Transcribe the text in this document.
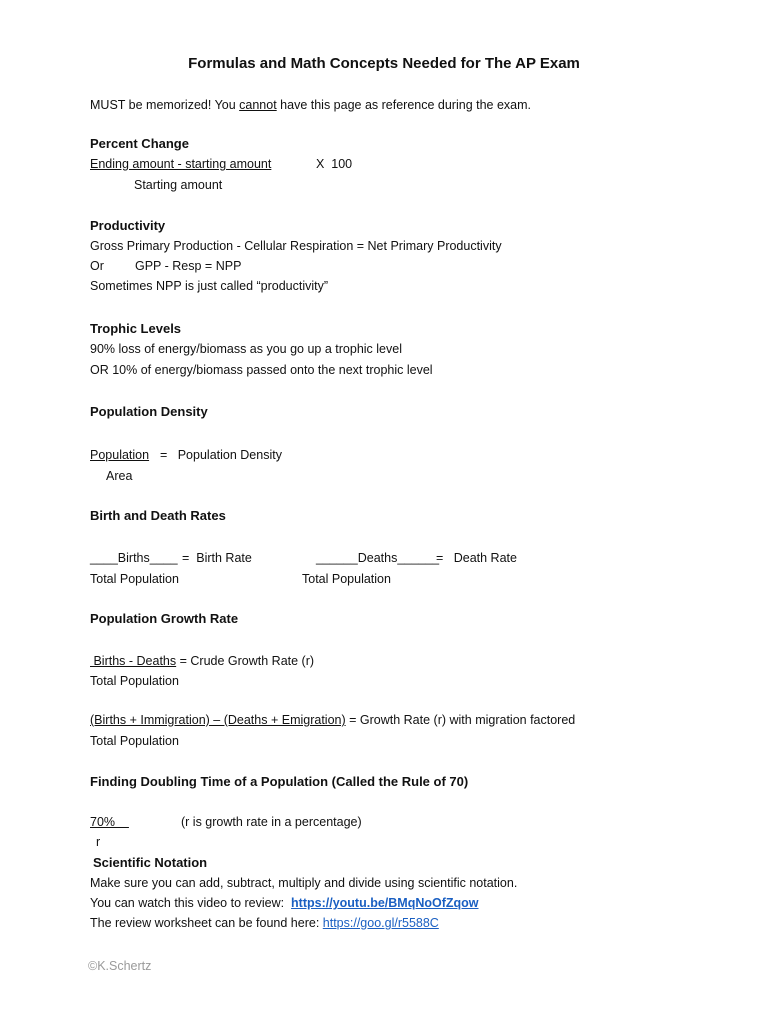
Formulas and Math Concepts Needed for The AP Exam
MUST be memorized! You cannot have this page as reference during the exam.
Percent Change
Ending amount - starting amount	X  100
Starting amount
Productivity
Gross Primary Production - Cellular Respiration = Net Primary Productivity
Or GPP - Resp = NPP
Sometimes NPP is just called “productivity”
Trophic Levels
90% loss of energy/biomass as you go up a trophic level
OR 10% of energy/biomass passed onto the next trophic level
Population Density
Population =   Population Density
Area
Birth and Death Rates
____Births____ =  Birth Rate
Total Population
______Deaths______
=   Death Rate
Total Population
Population Growth Rate
Births - Deaths = Crude Growth Rate (r)
Total Population
(Births + Immigration) – (Deaths + Emigration) = Growth Rate (r) with migration factored
Total Population
Finding Doubling Time of a Population (Called the Rule of 70)
70%	(r is growth rate in a percentage)
r
Scientific Notation
Make sure you can add, subtract, multiply and divide using scientific notation.
You can watch this video to review:  https://youtu.be/BMqNoOfZqow
The review worksheet can be found here: https://goo.gl/r5588C
©K.Schertz
